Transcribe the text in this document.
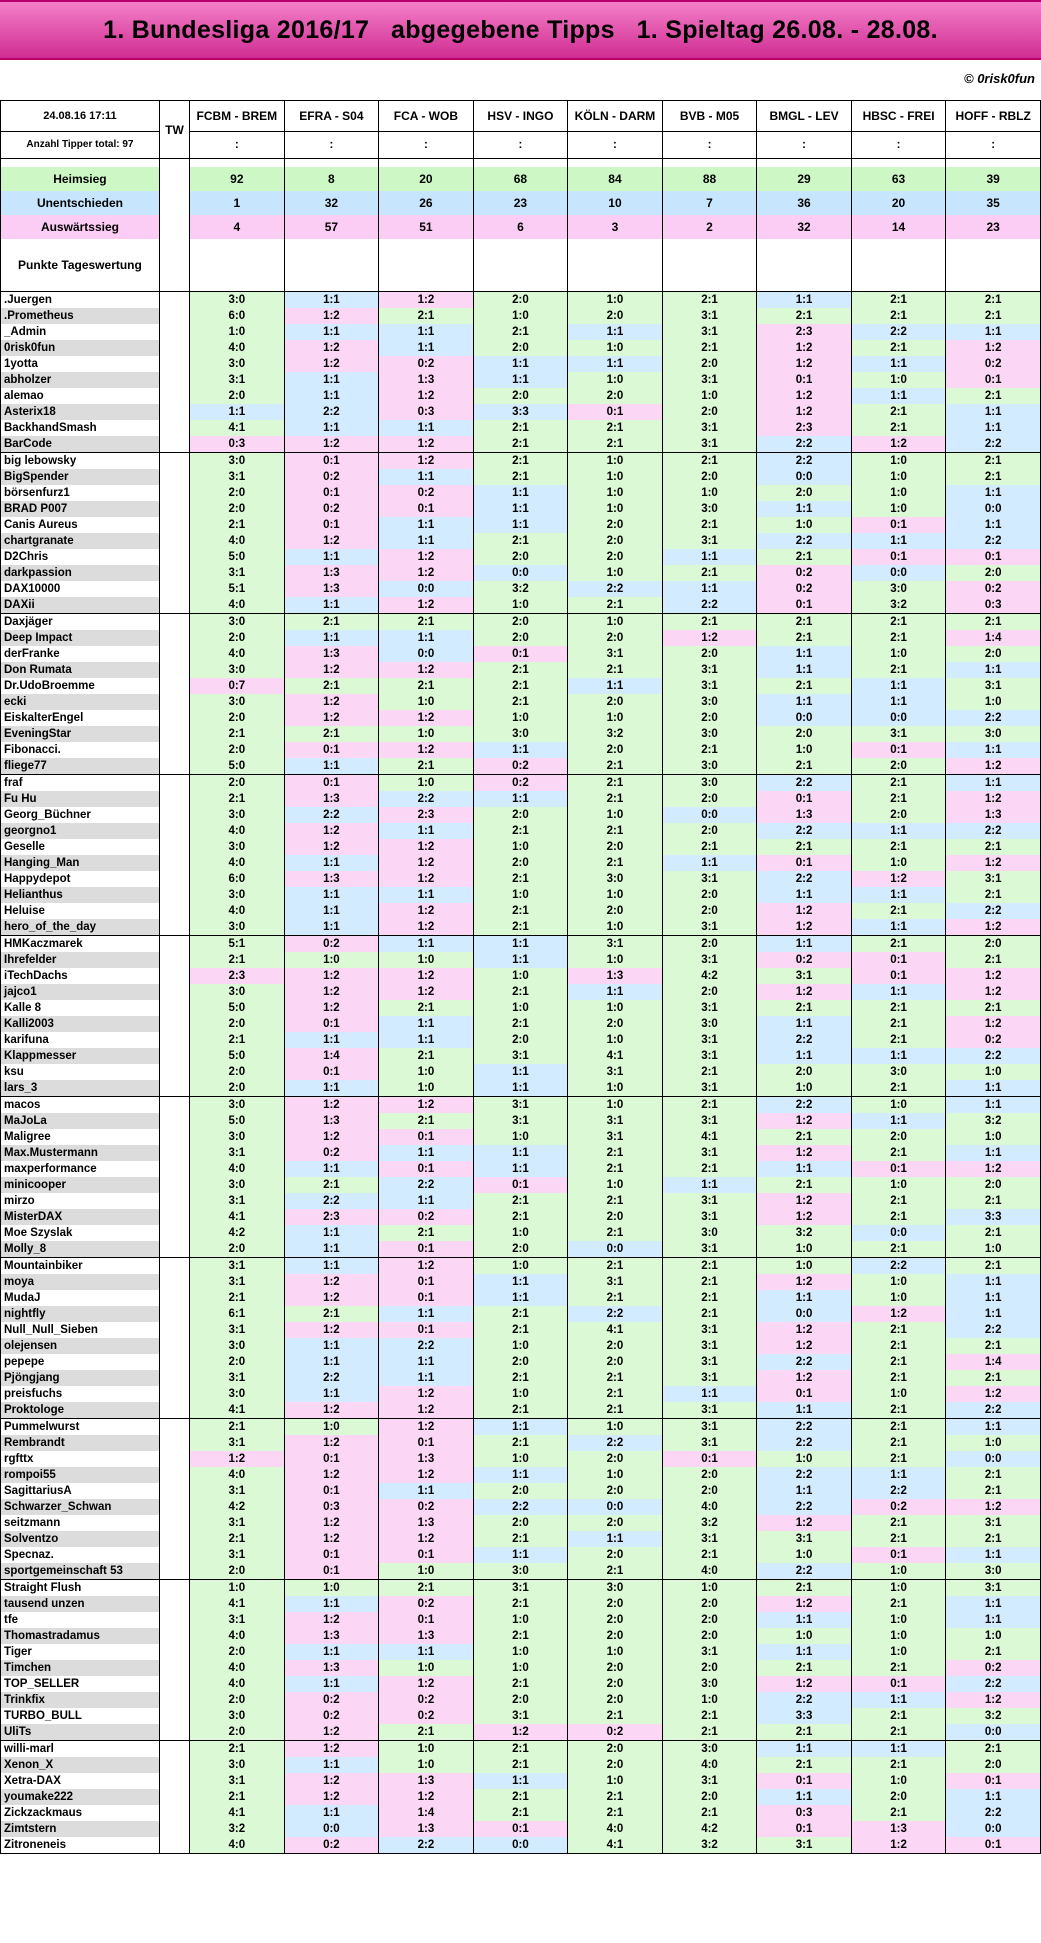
1. Bundesliga 2016/17   abgegebene Tipps   1. Spieltag 26.08. - 28.08.
© 0risk0fun
24.08.16 17:11	TW	FCBM - BREM	EFRA - S04	FCA - WOB	HSV - INGO	KÖLN - DARM	BVB - M05	BMGL - LEV	HBSC - FREI	HOFF - RBLZ
Anzahl Tipper total: 97		:	:	:	:	:	:	:	:	:

Heimsieg		92	8	20	68	84	88	29	63	39
Unentschieden		1	32	26	23	10	7	36	20	35
Auswärtssieg		4	57	51	6	3	2	32	14	23
Punkte Tageswertung										
.Juergen		3:0	1:1	1:2	2:0	1:0	2:1	1:1	2:1	2:1
.Prometheus		6:0	1:2	2:1	1:0	2:0	3:1	2:1	2:1	2:1
_Admin		1:0	1:1	1:1	2:1	1:1	3:1	2:3	2:2	1:1
0risk0fun		4:0	1:2	1:1	2:0	1:0	2:1	1:2	2:1	1:2
1yotta		3:0	1:2	0:2	1:1	1:1	2:0	1:2	1:1	0:2
abholzer		3:1	1:1	1:3	1:1	1:0	3:1	0:1	1:0	0:1
alemao		2:0	1:1	1:2	2:0	2:0	1:0	1:2	1:1	2:1
Asterix18		1:1	2:2	0:3	3:3	0:1	2:0	1:2	2:1	1:1
BackhandSmash		4:1	1:1	1:1	2:1	2:1	3:1	2:3	2:1	1:1
BarCode		0:3	1:2	1:2	2:1	2:1	3:1	2:2	1:2	2:2
big lebowsky		3:0	0:1	1:2	2:1	1:0	2:1	2:2	1:0	2:1
BigSpender		3:1	0:2	1:1	2:1	1:0	2:0	0:0	1:0	2:1
börsenfurz1		2:0	0:1	0:2	1:1	1:0	1:0	2:0	1:0	1:1
BRAD P007		2:0	0:2	0:1	1:1	1:0	3:0	1:1	1:0	0:0
Canis Aureus		2:1	0:1	1:1	1:1	2:0	2:1	1:0	0:1	1:1
chartgranate		4:0	1:2	1:1	2:1	2:0	3:1	2:2	1:1	2:2
D2Chris		5:0	1:1	1:2	2:0	2:0	1:1	2:1	0:1	0:1
darkpassion		3:1	1:3	1:2	0:0	1:0	2:1	0:2	0:0	2:0
DAX10000		5:1	1:3	0:0	3:2	2:2	1:1	0:2	3:0	0:2
DAXii		4:0	1:1	1:2	1:0	2:1	2:2	0:1	3:2	0:3
Daxjäger		3:0	2:1	2:1	2:0	1:0	2:1	2:1	2:1	2:1
Deep Impact		2:0	1:1	1:1	2:0	2:0	1:2	2:1	2:1	1:4
derFranke		4:0	1:3	0:0	0:1	3:1	2:0	1:1	1:0	2:0
Don Rumata		3:0	1:2	1:2	2:1	2:1	3:1	1:1	2:1	1:1
Dr.UdoBroemme		0:7	2:1	2:1	2:1	1:1	3:1	2:1	1:1	3:1
ecki		3:0	1:2	1:0	2:1	2:0	3:0	1:1	1:1	1:0
EiskalterEngel		2:0	1:2	1:2	1:0	1:0	2:0	0:0	0:0	2:2
EveningStar		2:1	2:1	1:0	3:0	3:2	3:0	2:0	3:1	3:0
Fibonacci.		2:0	0:1	1:2	1:1	2:0	2:1	1:0	0:1	1:1
fliege77		5:0	1:1	2:1	0:2	2:1	3:0	2:1	2:0	1:2
fraf		2:0	0:1	1:0	0:2	2:1	3:0	2:2	2:1	1:1
Fu Hu		2:1	1:3	2:2	1:1	2:1	2:0	0:1	2:1	1:2
Georg_Büchner		3:0	2:2	2:3	2:0	1:0	0:0	1:3	2:0	1:3
georgno1		4:0	1:2	1:1	2:1	2:1	2:0	2:2	1:1	2:2
Geselle		3:0	1:2	1:2	1:0	2:0	2:1	2:1	2:1	2:1
Hanging_Man		4:0	1:1	1:2	2:0	2:1	1:1	0:1	1:0	1:2
Happydepot		6:0	1:3	1:2	2:1	3:0	3:1	2:2	1:2	3:1
Helianthus		3:0	1:1	1:1	1:0	1:0	2:0	1:1	1:1	2:1
Heluise		4:0	1:1	1:2	2:1	2:0	2:0	1:2	2:1	2:2
hero_of_the_day		3:0	1:1	1:2	2:1	1:0	3:1	1:2	1:1	1:2
HMKaczmarek		5:1	0:2	1:1	1:1	3:1	2:0	1:1	2:1	2:0
Ihrefelder		2:1	1:0	1:0	1:1	1:0	3:1	0:2	0:1	2:1
iTechDachs		2:3	1:2	1:2	1:0	1:3	4:2	3:1	0:1	1:2
jajco1		3:0	1:2	1:2	2:1	1:1	2:0	1:2	1:1	1:2
Kalle 8		5:0	1:2	2:1	1:0	1:0	3:1	2:1	2:1	2:1
Kalli2003		2:0	0:1	1:1	2:1	2:0	3:0	1:1	2:1	1:2
karifuna		2:1	1:1	1:1	2:0	1:0	3:1	2:2	2:1	0:2
Klappmesser		5:0	1:4	2:1	3:1	4:1	3:1	1:1	1:1	2:2
ksu		2:0	0:1	1:0	1:1	3:1	2:1	2:0	3:0	1:0
lars_3		2:0	1:1	1:0	1:1	1:0	3:1	1:0	2:1	1:1
macos		3:0	1:2	1:2	3:1	1:0	2:1	2:2	1:0	1:1
MaJoLa		5:0	1:3	2:1	3:1	3:1	3:1	1:2	1:1	3:2
Maligree		3:0	1:2	0:1	1:0	3:1	4:1	2:1	2:0	1:0
Max.Mustermann		3:1	0:2	1:1	1:1	2:1	3:1	1:2	2:1	1:1
maxperformance		4:0	1:1	0:1	1:1	2:1	2:1	1:1	0:1	1:2
minicooper		3:0	2:1	2:2	0:1	1:0	1:1	2:1	1:0	2:0
mirzo		3:1	2:2	1:1	2:1	2:1	3:1	1:2	2:1	2:1
MisterDAX		4:1	2:3	0:2	2:1	2:0	3:1	1:2	2:1	3:3
Moe Szyslak		4:2	1:1	2:1	1:0	2:1	3:0	3:2	0:0	2:1
Molly_8		2:0	1:1	0:1	2:0	0:0	3:1	1:0	2:1	1:0
Mountainbiker		3:1	1:1	1:2	1:0	2:1	2:1	1:0	2:2	2:1
moya		3:1	1:2	0:1	1:1	3:1	2:1	1:2	1:0	1:1
MudaJ		2:1	1:2	0:1	1:1	2:1	2:1	1:1	1:0	1:1
nightfly		6:1	2:1	1:1	2:1	2:2	2:1	0:0	1:2	1:1
Null_Null_Sieben		3:1	1:2	0:1	2:1	4:1	3:1	1:2	2:1	2:2
olejensen		3:0	1:1	2:2	1:0	2:0	3:1	1:2	2:1	2:1
pepepe		2:0	1:1	1:1	2:0	2:0	3:1	2:2	2:1	1:4
Pjöngjang		3:1	2:2	1:1	2:1	2:1	3:1	1:2	2:1	2:1
preisfuchs		3:0	1:1	1:2	1:0	2:1	1:1	0:1	1:0	1:2
Proktologe		4:1	1:2	1:2	2:1	2:1	3:1	1:1	2:1	2:2
Pummelwurst		2:1	1:0	1:2	1:1	1:0	3:1	2:2	2:1	1:1
Rembrandt		3:1	1:2	0:1	2:1	2:2	3:1	2:2	2:1	1:0
rgfttx		1:2	0:1	1:3	1:0	2:0	0:1	1:0	2:1	0:0
rompoi55		4:0	1:2	1:2	1:1	1:0	2:0	2:2	1:1	2:1
SagittariusA		3:1	0:1	1:1	2:0	2:0	2:0	1:1	2:2	2:1
Schwarzer_Schwan		4:2	0:3	0:2	2:2	0:0	4:0	2:2	0:2	1:2
seitzmann		3:1	1:2	1:3	2:0	2:0	3:2	1:2	2:1	3:1
Solventzo		2:1	1:2	1:2	2:1	1:1	3:1	3:1	2:1	2:1
Specnaz.		3:1	0:1	0:1	1:1	2:0	2:1	1:0	0:1	1:1
sportgemeinschaft 53		2:0	0:1	1:0	3:0	2:1	4:0	2:2	1:0	3:0
Straight Flush		1:0	1:0	2:1	3:1	3:0	1:0	2:1	1:0	3:1
tausend unzen		4:1	1:1	0:2	2:1	2:0	2:0	1:2	2:1	1:1
tfe		3:1	1:2	0:1	1:0	2:0	2:0	1:1	1:0	1:1
Thomastradamus		4:0	1:3	1:3	2:1	2:0	2:0	1:0	1:0	1:0
Tiger		2:0	1:1	1:1	1:0	1:0	3:1	1:1	1:0	2:1
Timchen		4:0	1:3	1:0	1:0	2:0	2:0	2:1	2:1	0:2
TOP_SELLER		4:0	1:1	1:2	2:1	2:0	3:0	1:2	0:1	2:2
Trinkfix		2:0	0:2	0:2	2:0	2:0	1:0	2:2	1:1	1:2
TURBO_BULL		3:0	0:2	0:2	3:1	2:1	2:1	3:3	2:1	3:2
UliTs		2:0	1:2	2:1	1:2	0:2	2:1	2:1	2:1	0:0
willi-marl		2:1	1:2	1:0	2:1	2:0	3:0	1:1	1:1	2:1
Xenon_X		3:0	1:1	1:0	2:1	2:0	4:0	2:1	2:1	2:0
Xetra-DAX		3:1	1:2	1:3	1:1	1:0	3:1	0:1	1:0	0:1
youmake222		2:1	1:2	1:2	2:1	2:1	2:0	1:1	2:0	1:1
Zickzackmaus		4:1	1:1	1:4	2:1	2:1	2:1	0:3	2:1	2:2
Zimtstern		3:2	0:0	1:3	0:1	4:0	4:2	0:1	1:3	0:0
Zitroneneis		4:0	0:2	2:2	0:0	4:1	3:2	3:1	1:2	0:1
